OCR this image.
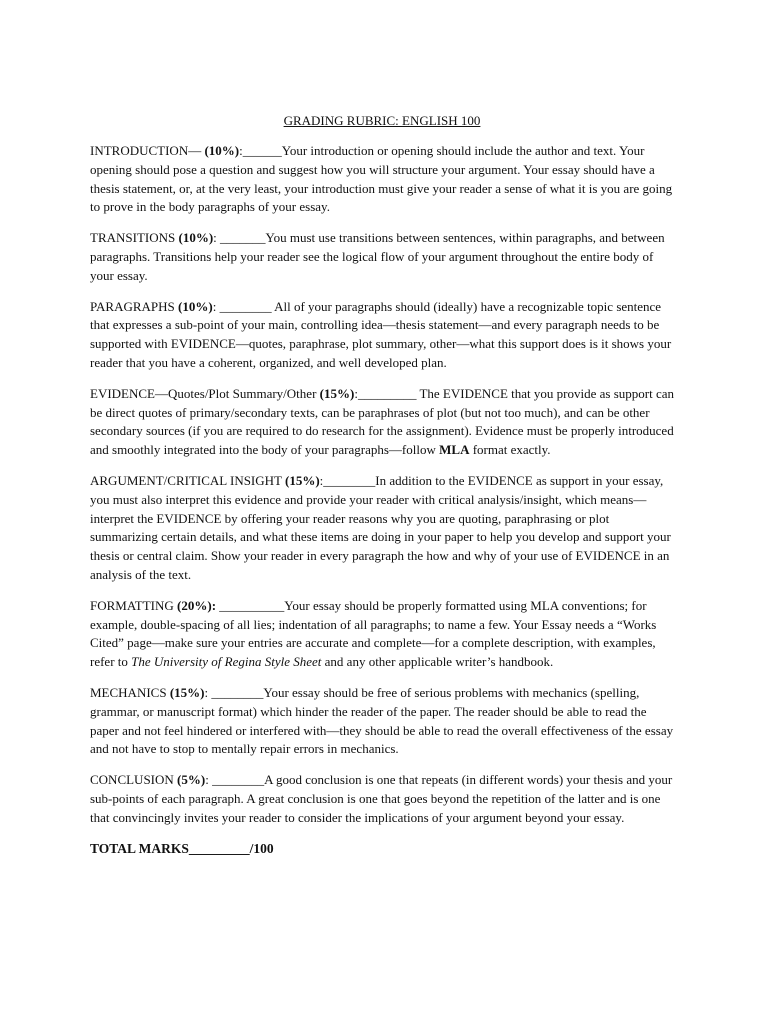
GRADING RUBRIC: ENGLISH 100

INTRODUCTION— (10%):______Your introduction or opening should include the author and text. Your opening should pose a question and suggest how you will structure your argument. Your essay should have a thesis statement, or, at the very least, your introduction must give your reader a sense of what it is you are going to prove in the body paragraphs of your essay.

TRANSITIONS (10%): _______You must use transitions between sentences, within paragraphs, and between paragraphs. Transitions help your reader see the logical flow of your argument throughout the entire body of your essay.

PARAGRAPHS (10%): ________ All of your paragraphs should (ideally) have a recognizable topic sentence that expresses a sub-point of your main, controlling idea—thesis statement—and every paragraph needs to be supported with EVIDENCE—quotes, paraphrase, plot summary, other—what this support does is it shows your reader that you have a coherent, organized, and well developed plan.

EVIDENCE—Quotes/Plot Summary/Other (15%):_________ The EVIDENCE that you provide as support can be direct quotes of primary/secondary texts, can be paraphrases of plot (but not too much), and can be other secondary sources (if you are required to do research for the assignment). Evidence must be properly introduced and smoothly integrated into the body of your paragraphs—follow MLA format exactly.

ARGUMENT/CRITICAL INSIGHT (15%):________In addition to the EVIDENCE as support in your essay, you must also interpret this evidence and provide your reader with critical analysis/insight, which means—interpret the EVIDENCE by offering your reader reasons why you are quoting, paraphrasing or plot summarizing certain details, and what these items are doing in your paper to help you develop and support your thesis or central claim. Show your reader in every paragraph the how and why of your use of EVIDENCE in an analysis of the text.

FORMATTING (20%): __________Your essay should be properly formatted using MLA conventions; for example, double-spacing of all lies; indentation of all paragraphs; to name a few. Your Essay needs a “Works Cited” page—make sure your entries are accurate and complete—for a complete description, with examples, refer to The University of Regina Style Sheet and any other applicable writer’s handbook.

MECHANICS (15%): ________Your essay should be free of serious problems with mechanics (spelling, grammar, or manuscript format) which hinder the reader of the paper. The reader should be able to read the paper and not feel hindered or interfered with—they should be able to read the overall effectiveness of the essay and not have to stop to mentally repair errors in mechanics.

CONCLUSION (5%): ________A good conclusion is one that repeats (in different words) your thesis and your sub-points of each paragraph. A great conclusion is one that goes beyond the repetition of the latter and is one that convincingly invites your reader to consider the implications of your argument beyond your essay.

TOTAL MARKS_________/100
